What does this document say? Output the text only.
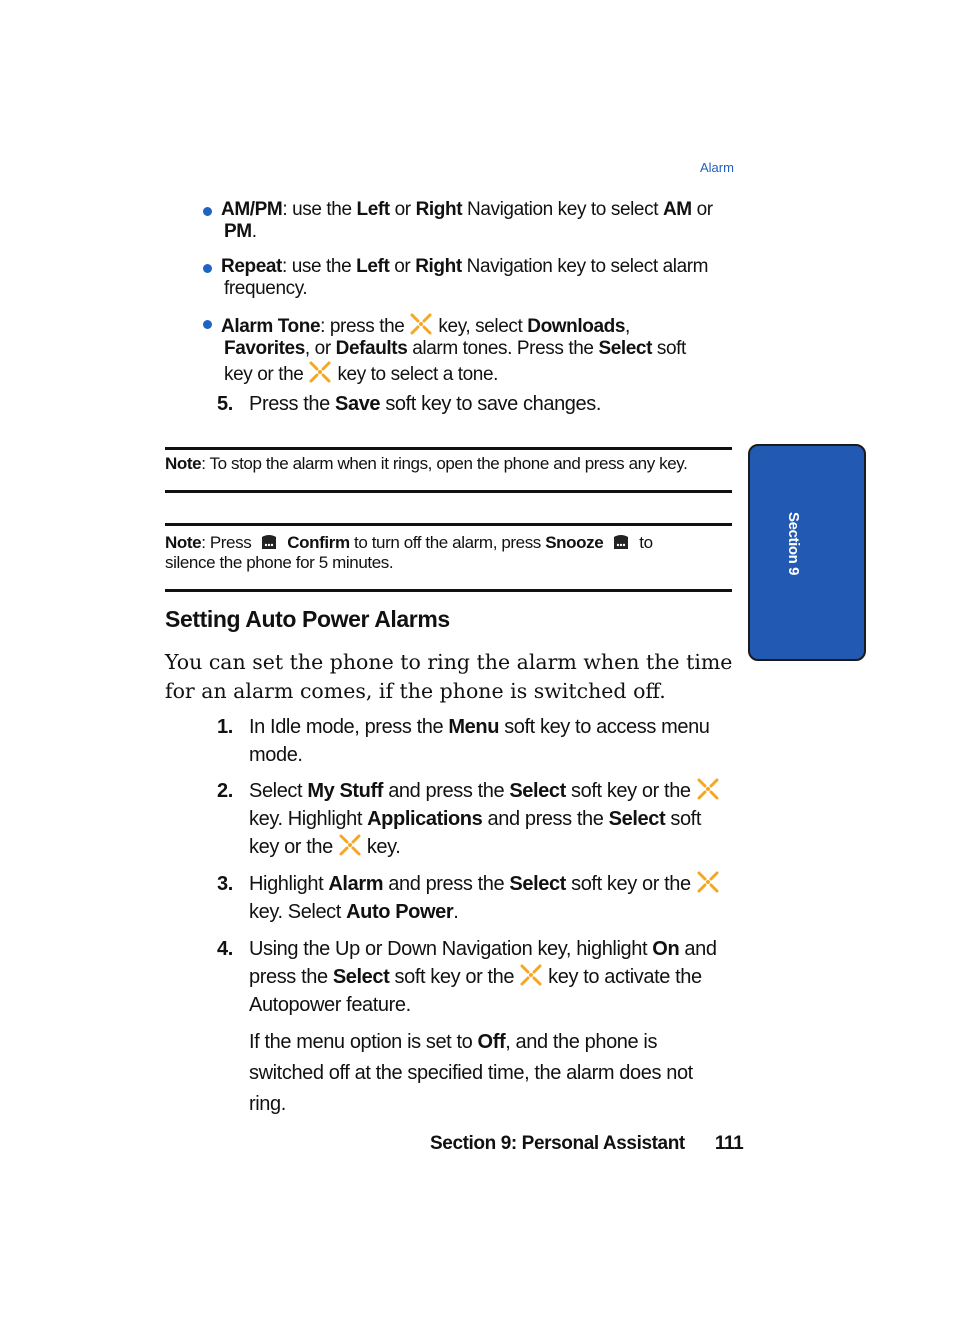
Alarm
AM/PM: use the Left or Right Navigation key to select AM or
PM.
Repeat: use the Left or Right Navigation key to select alarm
frequency.
Alarm Tone: press the key, select Downloads,
Favorites, or Defaults alarm tones. Press the Select soft
key or the key to select a tone.
5. Press the Save soft key to save changes.
Note: To stop the alarm when it rings, open the phone and press any key.
Note: Press Confirm to turn off the alarm, press Snooze to
silence the phone for 5 minutes.
Setting Auto Power Alarms
You can set the phone to ring the alarm when the time
for an alarm comes, if the phone is switched off.
1. In Idle mode, press the Menu soft key to access menu
mode.
2. Select My Stuff and press the Select soft key or the
key. Highlight Applications and press the Select soft
key or the key.
3. Highlight Alarm and press the Select soft key or the
key. Select Auto Power.
4. Using the Up or Down Navigation key, highlight On and
press the Select soft key or the key to activate the
Autopower feature.
If the menu option is set to Off, and the phone is
switched off at the specified time, the alarm does not
ring.
Section 9
Section 9: Personal Assistant 111
